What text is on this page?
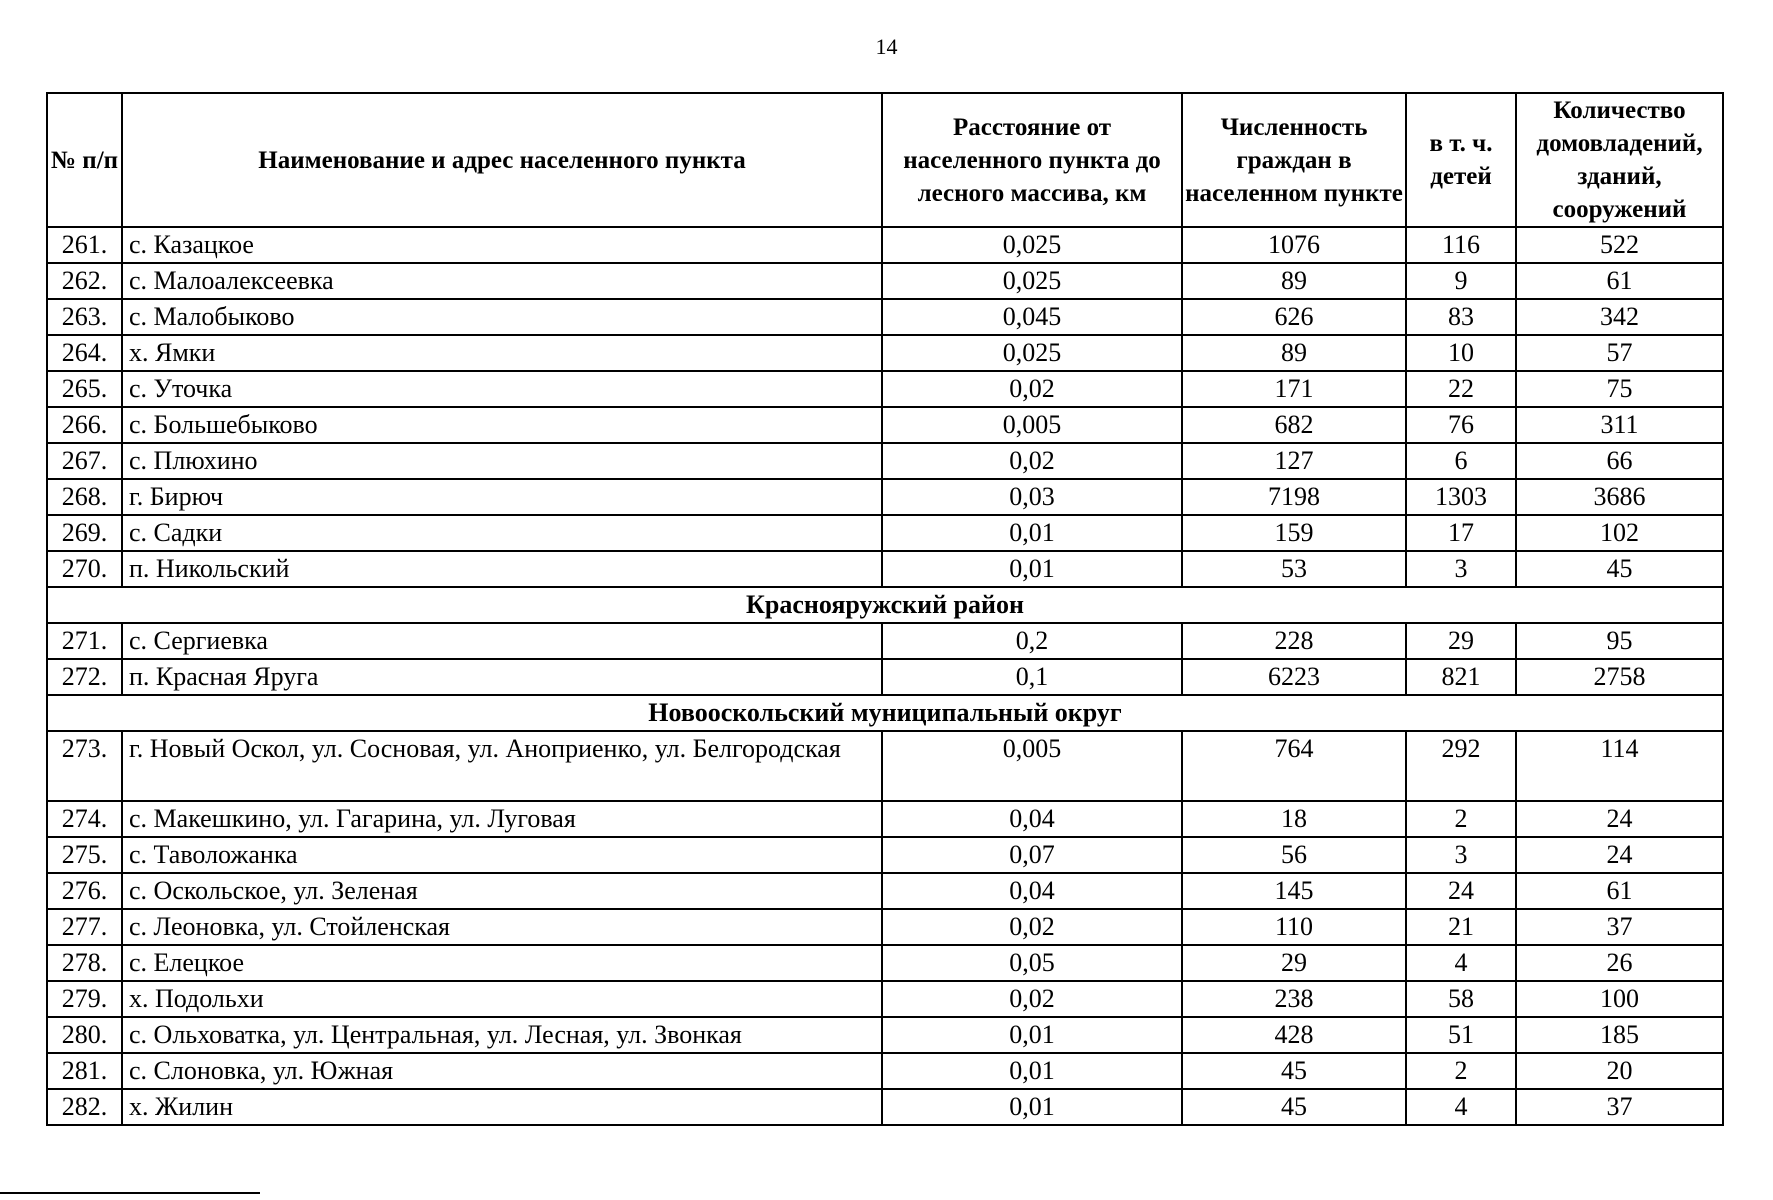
14
№ п/п	Наименование и адрес населенного пункта	Расстояние от населенного пункта до лесного массива, км	Численность граждан в населенном пункте	в т. ч. детей	Количество домовладений, зданий, сооружений
261.	с. Казацкое	0,025	1076	116	522
262.	с. Малоалексеевка	0,025	89	9	61
263.	с. Малобыково	0,045	626	83	342
264.	х. Ямки	0,025	89	10	57
265.	с. Уточка	0,02	171	22	75
266.	с. Большебыково	0,005	682	76	311
267.	с. Плюхино	0,02	127	6	66
268.	г. Бирюч	0,03	7198	1303	3686
269.	с. Садки	0,01	159	17	102
270.	п. Никольский	0,01	53	3	45
Краснояружский район					
271.	с. Сергиевка	0,2	228	29	95
272.	п. Красная Яруга	0,1	6223	821	2758
Новооскольский муниципальный округ					
273.	г. Новый Оскол, ул. Сосновая, ул. Аноприенко, ул. Белгородская	0,005	764	292	114
274.	с. Макешкино, ул. Гагарина, ул. Луговая	0,04	18	2	24
275.	с. Таволожанка	0,07	56	3	24
276.	с. Оскольское, ул. Зеленая	0,04	145	24	61
277.	с. Леоновка, ул. Стойленская	0,02	110	21	37
278.	с. Елецкое	0,05	29	4	26
279.	х. Подольхи	0,02	238	58	100
280.	с. Ольховатка, ул. Центральная, ул. Лесная, ул. Звонкая	0,01	428	51	185
281.	с. Слоновка, ул. Южная	0,01	45	2	20
282.	х. Жилин	0,01	45	4	37
